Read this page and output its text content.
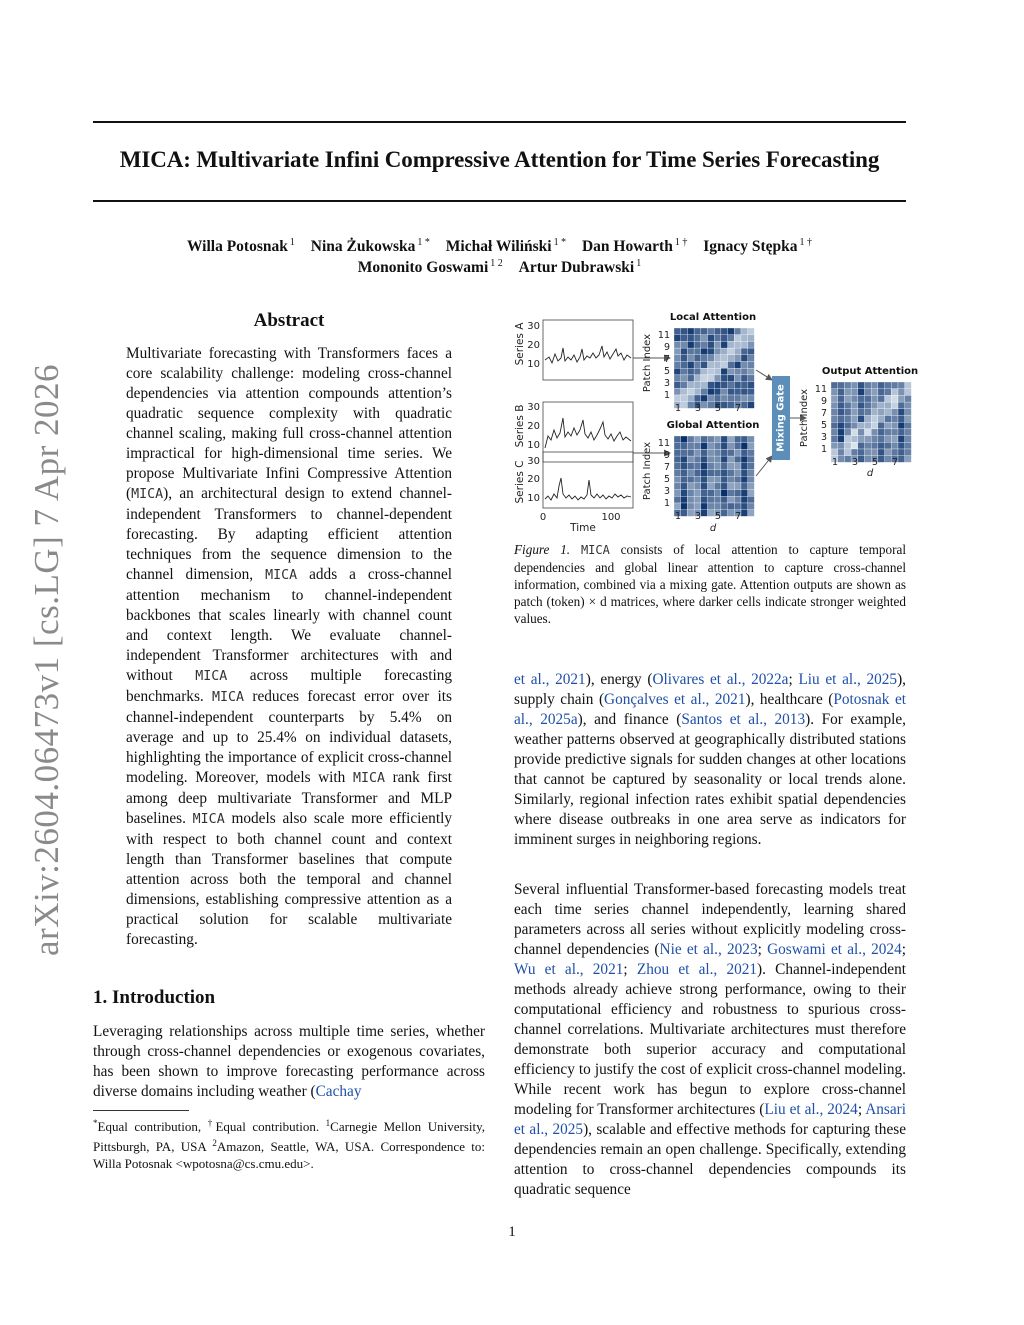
MICA: Multivariate Infini Compressive Attention for Time Series Forecasting
Willa Potosnak $^1$ Nina Żukowska $^{1 *}$ Michał Wiliński $^{1 *}$ Dan Howarth $^{1 \dagger}$ Ignacy Stępka $^{1 \dagger}$
Mononito Goswami $^{1 2}$ Artur Dubrawski $^1$
arXiv:2604.06473v1 [cs.LG] 7 Apr 2026
Abstract

Multivariate forecasting with Transformers faces a core scalability challenge: modeling cross-channel dependencies via attention compounds attention’s quadratic sequence complexity with quadratic channel scaling, making full cross-channel attention impractical for high-dimensional time series. We propose Multivariate Infini Compressive Attention (MICA), an architectural design to extend channel-independent Transformers to channel-dependent forecasting. By adapting efficient attention techniques from the sequence dimension to the channel dimension, MICA adds a cross-channel attention mechanism to channel-independent backbones that scales linearly with channel count and context length. We evaluate channel-independent Transformer architectures with and without MICA across multiple forecasting benchmarks. MICA reduces forecast error over its channel-independent counterparts by 5.4% on average and up to 25.4% on individual datasets, highlighting the importance of explicit cross-channel modeling. Moreover, models with MICA rank first among deep multivariate Transformer and MLP baselines. MICA models also scale more efficiently with respect to both channel count and context length than Transformer baselines that compute attention across both the temporal and channel dimensions, establishing compressive attention as a practical solution for scalable multivariate forecasting.

1. Introduction

Leveraging relationships across multiple time series, whether through cross-channel dependencies or exogenous covariates, has been shown to improve forecasting performance across diverse domains including weather (Cachay

*Equal contribution, †Equal contribution. $^1$Carnegie Mellon University, Pittsburgh, PA, USA $^2$Amazon, Seattle, WA, USA. Correspondence to: Willa Potosnak <wpotosna@cs.cmu.edu>.

Series A 30
20
10
Series B 30
20
10
Series C 30
20
10
0	100
Time
Local Attention
Patch Index 11
9
7
5
3
1
1 3 5 7
Global Attention
Patch Index 11
9
7
5
3
1
1 3 5 7
d
Mixing Gate
Output Attention
Patch Index 11
9
7
5
3
1
1 3 5 7
d

Figure 1. MICA consists of local attention to capture temporal dependencies and global linear attention to capture cross-channel information, combined via a mixing gate. Attention outputs are shown as patch (token) × d matrices, where darker cells indicate stronger weighted values.

et al., 2021), energy (Olivares et al., 2022a; Liu et al., 2025), supply chain (Gonçalves et al., 2021), healthcare (Potosnak et al., 2025a), and finance (Santos et al., 2013). For example, weather patterns observed at geographically distributed stations provide predictive signals for sudden changes at other locations that cannot be captured by seasonality or local trends alone. Similarly, regional infection rates exhibit spatial dependencies where disease outbreaks in one area serve as indicators for imminent surges in neighboring regions.

Several influential Transformer-based forecasting models treat each time series channel independently, learning shared parameters across all series without explicitly modeling cross-channel dependencies (Nie et al., 2023; Goswami et al., 2024; Wu et al., 2021; Zhou et al., 2021). Channel-independent methods already achieve strong performance, owing to their computational efficiency and robustness to spurious cross-channel correlations. Multivariate architectures must therefore demonstrate both superior accuracy and computational efficiency to justify the cost of explicit cross-channel modeling. While recent work has begun to explore cross-channel modeling for Transformer architectures (Liu et al., 2024; Ansari et al., 2025), scalable and effective methods for capturing these dependencies remain an open challenge. Specifically, extending attention to cross-channel dependencies compounds its quadratic sequence

1
